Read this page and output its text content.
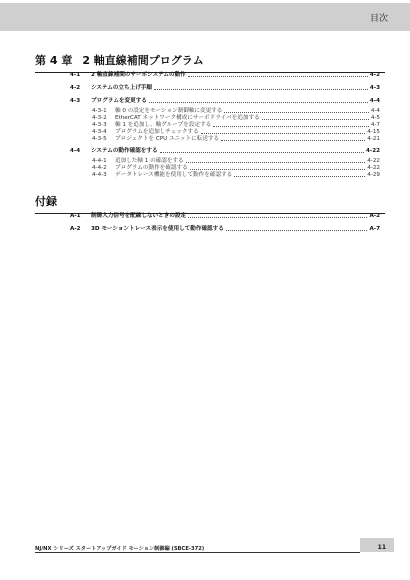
目次
第 4 章 2 軸直線補間プログラム
4-1 2 軸直線補間のサーボシステムの動作	4-2
4-2 システムの立ち上げ手順	4-3
4-3 プログラムを変更する	4-4
4-3-1 軸 0 の設定をモーション制御軸に変更する	4-4
4-3-2 EtherCAT ネットワーク構成にサーボドライバを追加する	4-5
4-3-3 軸 1 を追加し、軸グループを設定する	4-7
4-3-4 プログラムを追加しチェックする	4-15
4-3-5 プロジェクトを CPU ユニットに転送する	4-21
4-4 システムの動作確認をする	4-22
4-4-1 追加した軸 1 の確認をする	4-22
4-4-2 プログラムの動作を確認する	4-22
4-4-3 データトレース機能を使用して動作を確認する	4-29
付録
A-1 制御入力信号を配線しないときの設定	A-2
A-2 3D モーショントレース表示を使用して動作確認する	A-7
NJ/NX シリーズ スタートアップガイド モーション制御編 (SBCE-372)	11
